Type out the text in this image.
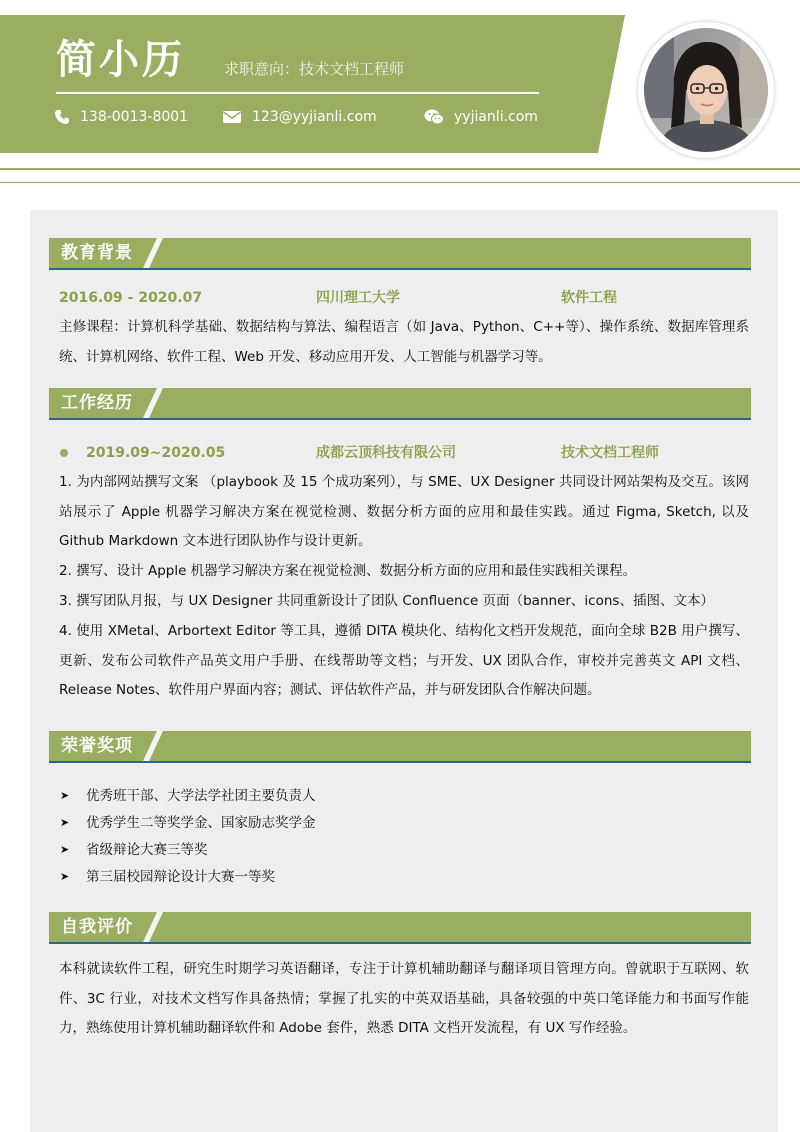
简小历	求职意向：技术文档工程师
138-0013-8001	123@yyjianli.com	yyjianli.com
教育背景
2016.09 - 2020.07	四川理工大学	软件工程
主修课程：计算机科学基础、数据结构与算法、编程语言（如 Java、Python、C++等）、操作系统、数据库管理系统、计算机网络、软件工程、Web 开发、移动应用开发、人工智能与机器学习等。
工作经历
2019.09~2020.05	成都云顶科技有限公司	技术文档工程师
1. 为内部网站撰写文案 （playbook 及 15 个成功案列），与 SME、UX Designer 共同设计网站架构及交互。该网站展示了 Apple 机器学习解决方案在视觉检测、数据分析方面的应用和最佳实践。通过 Figma, Sketch, 以及 Github Markdown 文本进行团队协作与设计更新。
2. 撰写、设计 Apple 机器学习解决方案在视觉检测、数据分析方面的应用和最佳实践相关课程。
3. 撰写团队月报，与 UX Designer 共同重新设计了团队 Confluence 页面（banner、icons、插图、文本）
4. 使用 XMetal、Arbortext Editor 等工具，遵循 DITA 模块化、结构化文档开发规范，面向全球 B2B 用户撰写、更新、发布公司软件产品英文用户手册、在线帮助等文档；与开发、UX 团队合作，审校并完善英文 API 文档、Release Notes、软件用户界面内容；测试、评估软件产品，并与研发团队合作解决问题。
荣誉奖项
➤	优秀班干部、大学法学社团主要负责人
➤	优秀学生二等奖学金、国家励志奖学金
➤	省级辩论大赛三等奖
➤	第三届校园辩论设计大赛一等奖
自我评价
本科就读软件工程，研究生时期学习英语翻译，专注于计算机辅助翻译与翻译项目管理方向。曾就职于互联网、软件、3C 行业，对技术文档写作具备热情；掌握了扎实的中英双语基础，具备较强的中英口笔译能力和书面写作能力，熟练使用计算机辅助翻译软件和 Adobe 套件，熟悉 DITA 文档开发流程，有 UX 写作经验。
